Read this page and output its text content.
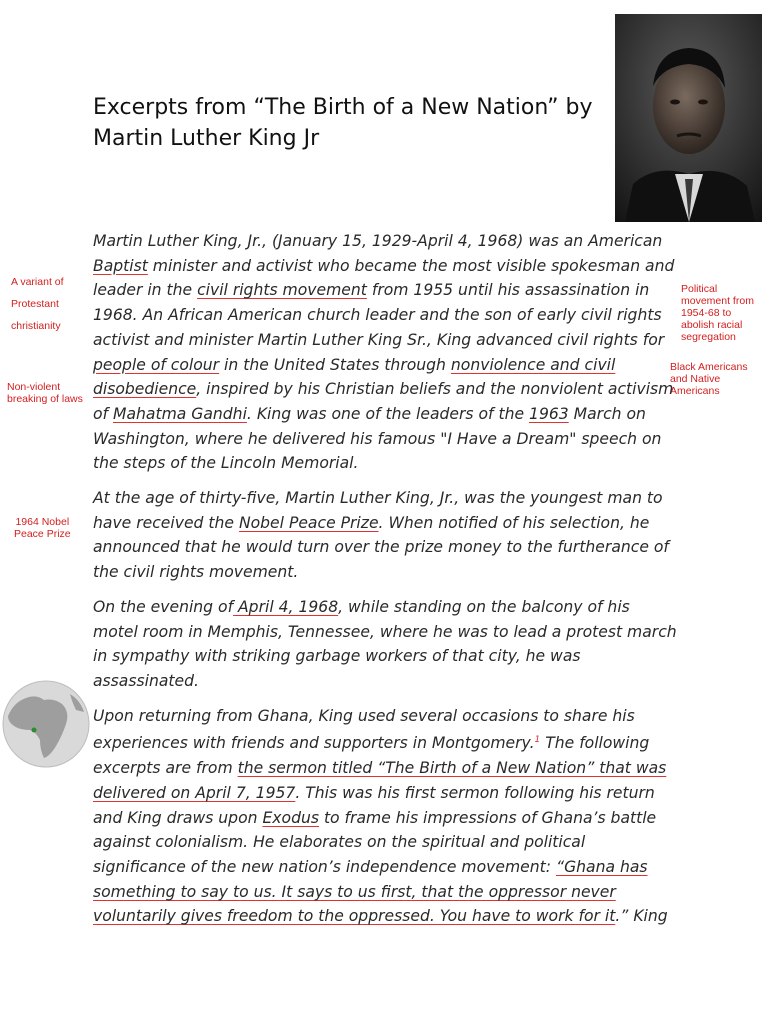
Excerpts from “The Birth of a New Nation” by
Martin Luther King Jr
A variant of
Protestant
christianity
Political
movement from
1954-68 to
abolish racial
segregation
Black Americans
and Native
Americans
Non-violent
breaking of laws
1964 Nobel
Peace Prize

Martin Luther King, Jr., (January 15, 1929-April 4, 1968) was an American Baptist minister and activist who became the most visible spokesman and leader in the civil rights movement from 1955 until his assassination in 1968. An African American church leader and the son of early civil rights activist and minister Martin Luther King Sr., King advanced civil rights for people of colour in the United States through nonviolence and civil disobedience, inspired by his Christian beliefs and the nonviolent activism of Mahatma Gandhi. King was one of the leaders of the 1963 March on Washington, where he delivered his famous "I Have a Dream" speech on the steps of the Lincoln Memorial.

At the age of thirty-five, Martin Luther King, Jr., was the youngest man to have received the Nobel Peace Prize. When notified of his selection, he announced that he would turn over the prize money to the furtherance of the civil rights movement.

On the evening of April 4, 1968, while standing on the balcony of his motel room in Memphis, Tennessee, where he was to lead a protest march in sympathy with striking garbage workers of that city, he was assassinated.

Upon returning from Ghana, King used several occasions to share his experiences with friends and supporters in Montgomery.$^1$ The following excerpts are from the sermon titled “The Birth of a New Nation” that was delivered on April 7, 1957. This was his first sermon following his return and King draws upon Exodus to frame his impressions of Ghana’s battle against colonialism. He elaborates on the spiritual and political significance of the new nation’s independence movement: “Ghana has something to say to us. It says to us first, that the oppressor never voluntarily gives freedom to the oppressed. You have to work for it.” King
